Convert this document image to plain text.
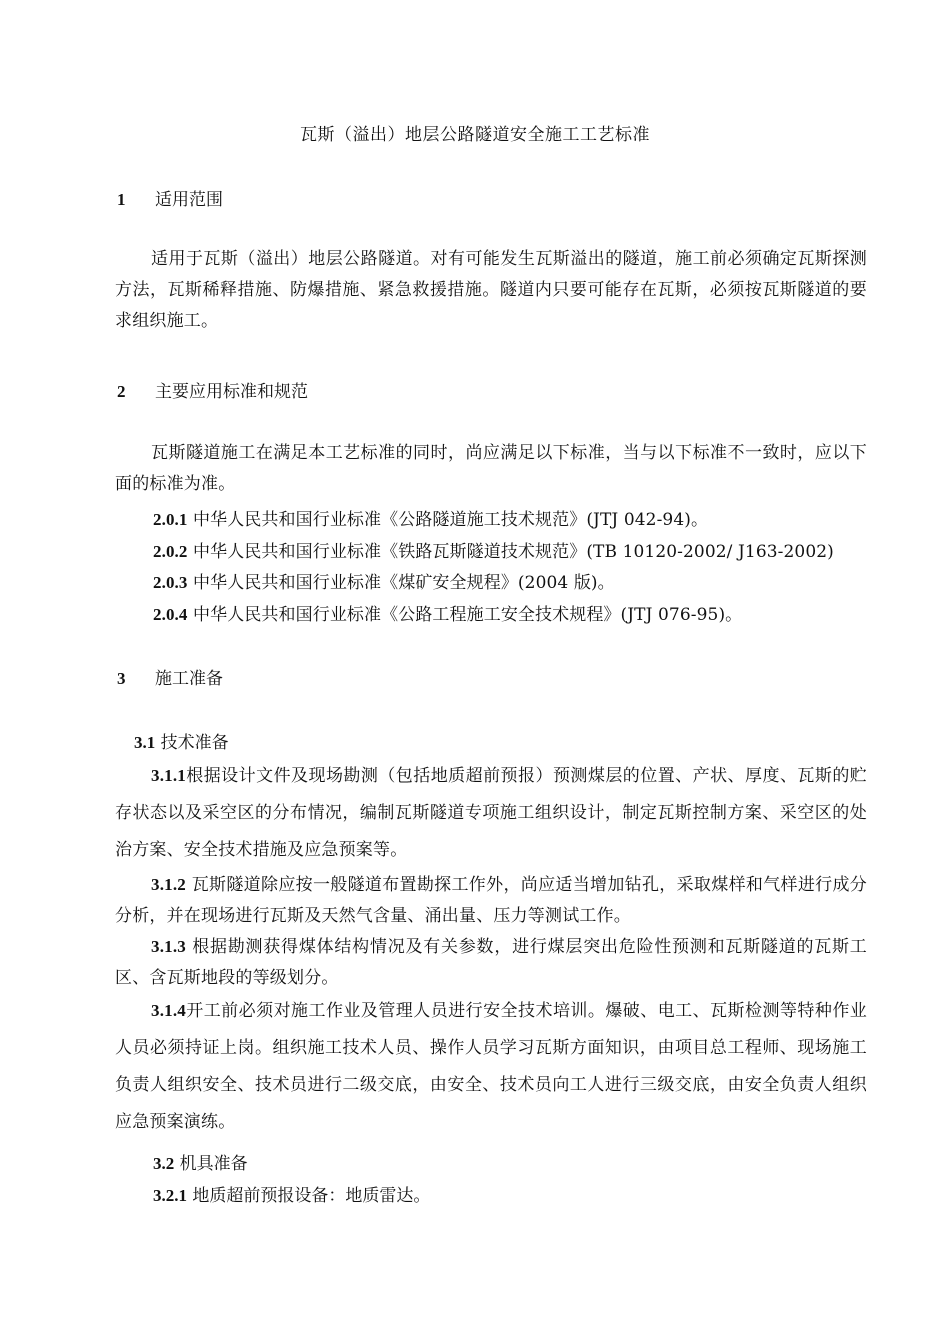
瓦斯（溢出）地层公路隧道安全施工工艺标准
1 适用范围
适用于瓦斯（溢出）地层公路隧道。对有可能发生瓦斯溢出的隧道，施工前必须确定瓦斯探测方法，瓦斯稀释措施、防爆措施、紧急救援措施。隧道内只要可能存在瓦斯，必须按瓦斯隧道的要求组织施工。
2 主要应用标准和规范
瓦斯隧道施工在满足本工艺标准的同时，尚应满足以下标准，当与以下标准不一致时，应以下面的标准为准。
2.0.1 中华人民共和国行业标准《公路隧道施工技术规范》(JTJ 042-94)。
2.0.2 中华人民共和国行业标准《铁路瓦斯隧道技术规范》(TB 10120-2002/ J163-2002)
2.0.3 中华人民共和国行业标准《煤矿安全规程》(2004 版)。
2.0.4 中华人民共和国行业标准《公路工程施工安全技术规程》(JTJ 076-95)。
3 施工准备
3.1 技术准备
3.1.1根据设计文件及现场勘测（包括地质超前预报）预测煤层的位置、产状、厚度、瓦斯的贮存状态以及采空区的分布情况，编制瓦斯隧道专项施工组织设计，制定瓦斯控制方案、采空区的处治方案、安全技术措施及应急预案等。
3.1.2 瓦斯隧道除应按一般隧道布置勘探工作外，尚应适当增加钻孔，采取煤样和气样进行成分分析，并在现场进行瓦斯及天然气含量、涌出量、压力等测试工作。
3.1.3 根据勘测获得煤体结构情况及有关参数，进行煤层突出危险性预测和瓦斯隧道的瓦斯工区、含瓦斯地段的等级划分。
3.1.4开工前必须对施工作业及管理人员进行安全技术培训。爆破、电工、瓦斯检测等特种作业人员必须持证上岗。组织施工技术人员、操作人员学习瓦斯方面知识，由项目总工程师、现场施工负责人组织安全、技术员进行二级交底，由安全、技术员向工人进行三级交底，由安全负责人组织应急预案演练。
3.2 机具准备
3.2.1 地质超前预报设备：地质雷达。
